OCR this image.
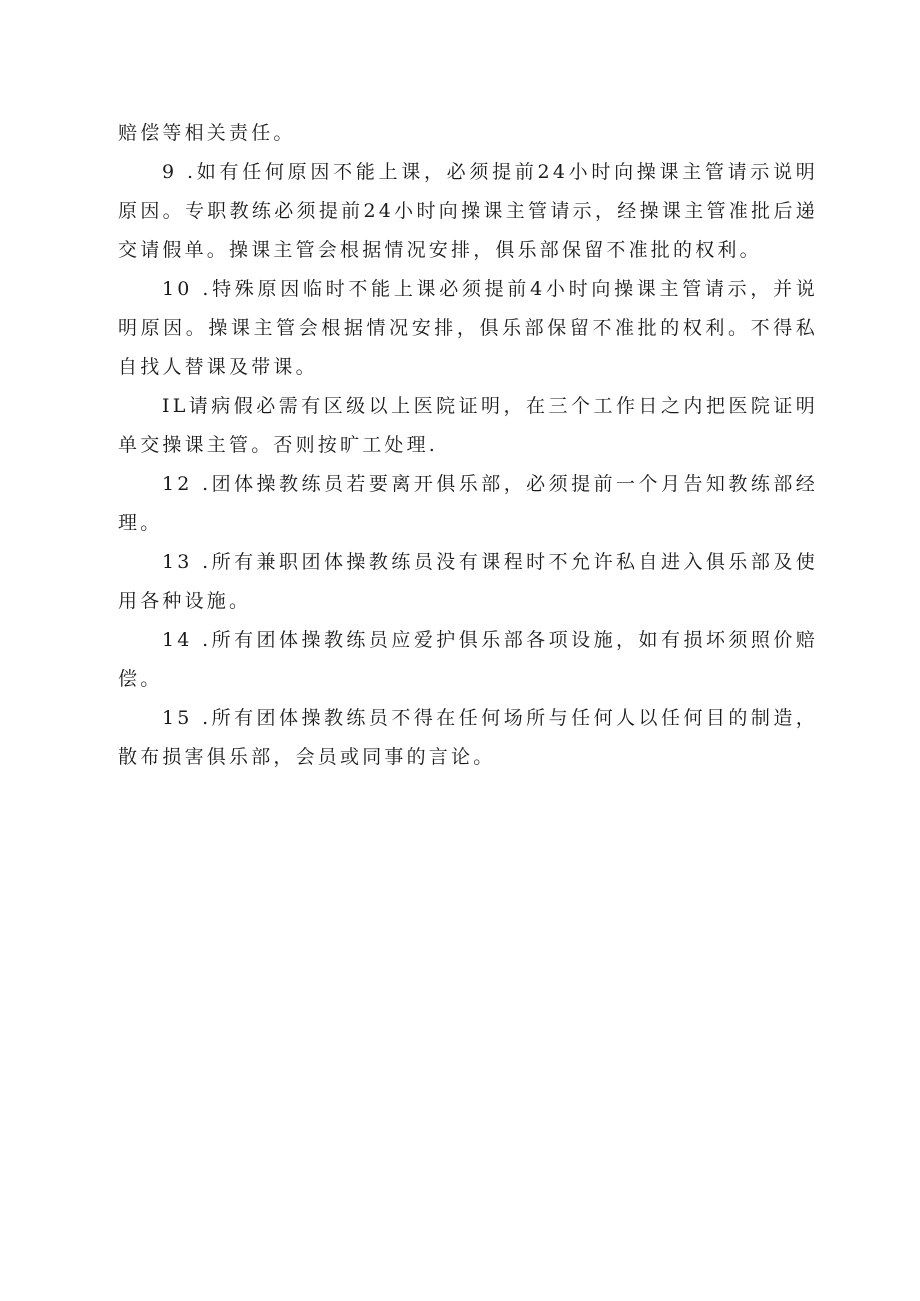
赔偿等相关责任。

9 .如有任何原因不能上课，必须提前24小时向操课主管请示说明原因。专职教练必须提前24小时向操课主管请示，经操课主管准批后递交请假单。操课主管会根据情况安排，俱乐部保留不准批的权利。

10 .特殊原因临时不能上课必须提前4小时向操课主管请示，并说明原因。操课主管会根据情况安排，俱乐部保留不准批的权利。不得私自找人替课及带课。

IL请病假必需有区级以上医院证明，在三个工作日之内把医院证明单交操课主管。否则按旷工处理.

12 .团体操教练员若要离开俱乐部，必须提前一个月告知教练部经理。

13 .所有兼职团体操教练员没有课程时不允许私自进入俱乐部及使用各种设施。

14 .所有团体操教练员应爱护俱乐部各项设施，如有损坏须照价赔偿。

15 .所有团体操教练员不得在任何场所与任何人以任何目的制造，散布损害俱乐部，会员或同事的言论。
